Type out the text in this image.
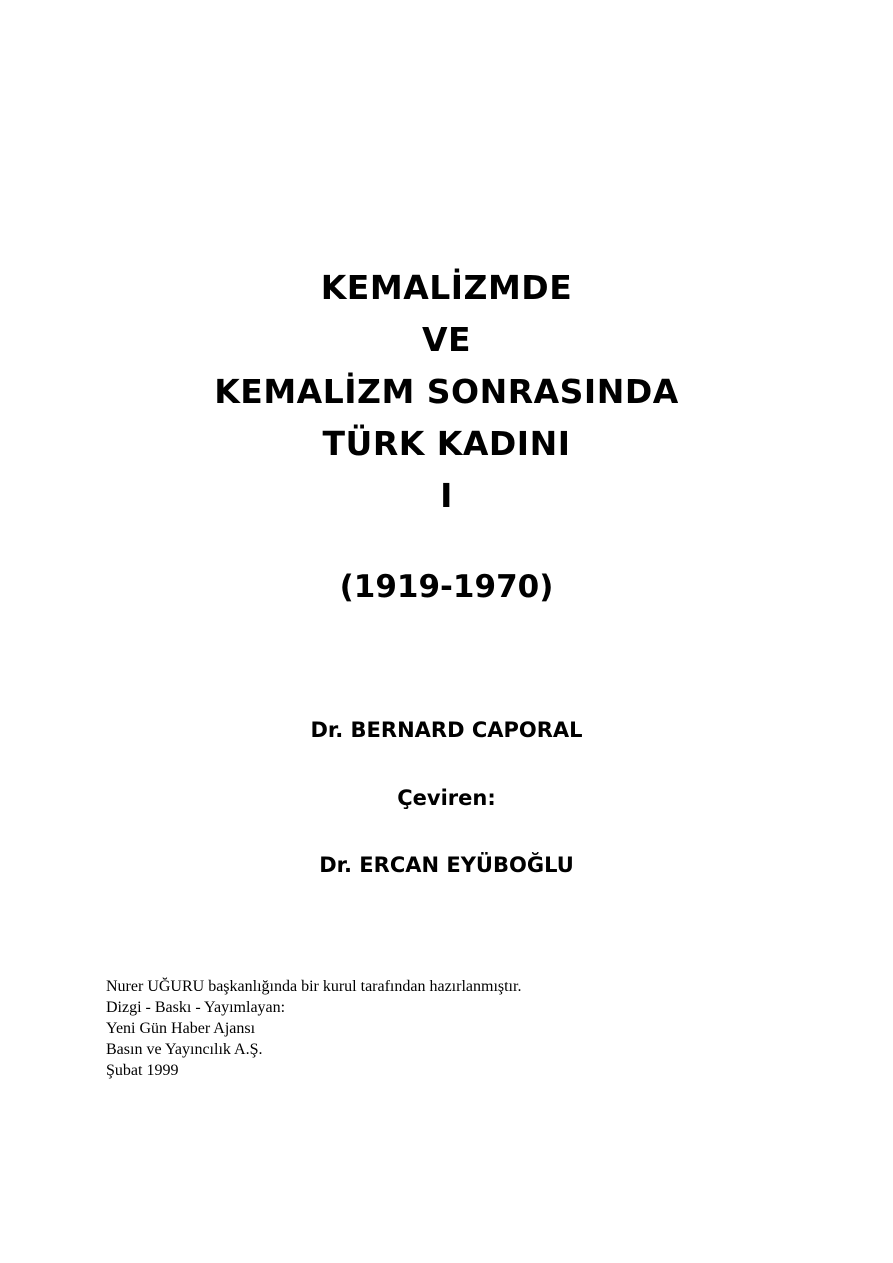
KEMALİZMDE
VE
KEMALİZM SONRASINDA
TÜRK KADINI
I
(1919-1970)
Dr. BERNARD CAPORAL
Çeviren:
Dr. ERCAN EYÜBOĞLU
Nurer UĞURU başkanlığında bir kurul tarafından hazırlanmıştır.
Dizgi - Baskı - Yayımlayan:
Yeni Gün Haber Ajansı
Basın ve Yayıncılık A.Ş.
Şubat 1999
